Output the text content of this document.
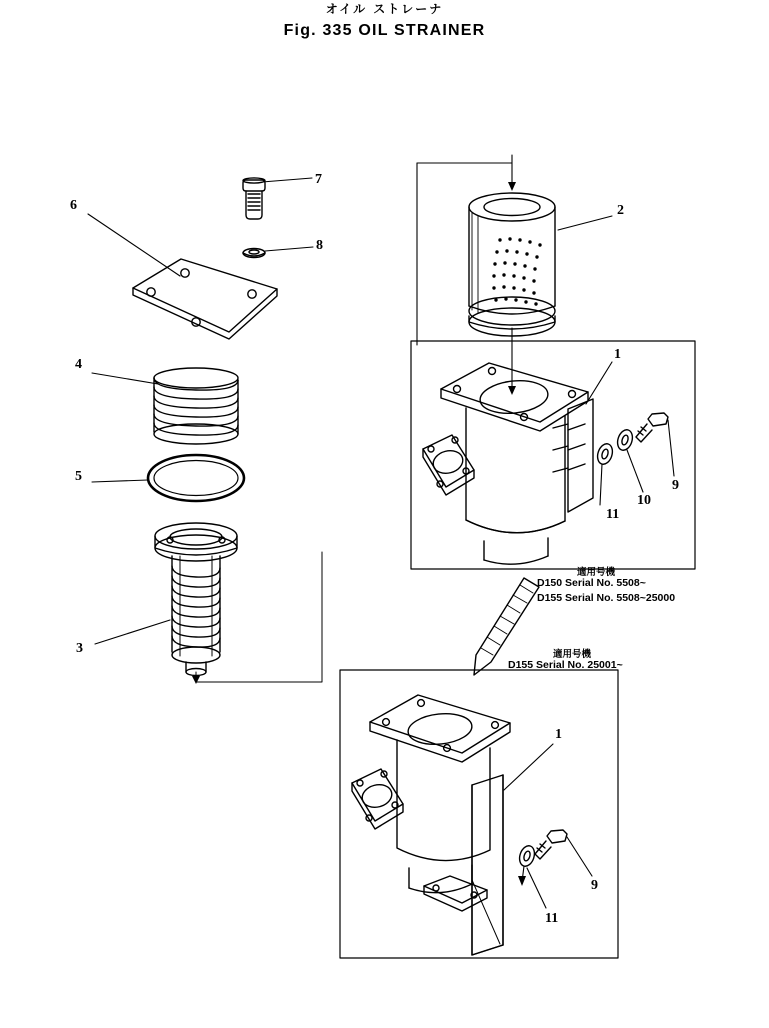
オイル ストレーナ
Fig. 335 OIL STRAINER
1
2
3
4
5
6
7
8
9
10
11
1
9
11
適用号機
D150 Serial No. 5508~
D155 Serial No. 5508~25000
適用号機
D155 Serial No. 25001~
